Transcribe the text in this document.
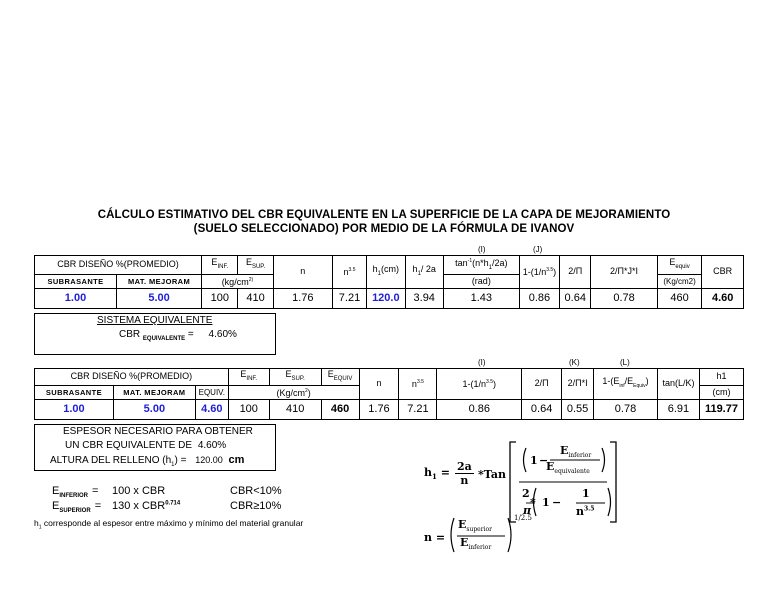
CÁLCULO ESTIMATIVO DEL CBR EQUIVALENTE EN LA SUPERFICIE DE LA CAPA DE MEJORAMIENTO
(SUELO SELECCIONADO) POR MEDIO DE LA FÓRMULA DE IVANOV
(I)	(J)
CBR DISEÑO %(PROMEDIO)		$E_{INF.}$	$E_{SUP.}$	n	$n^{3.5}$	$h_1(cm)$	$h_1/$ 2a	$\tan^{-1}(n*h_1/2a)$	$1-(1/n^{3.5})$	2/Π	2/Π*J*I	$E_{equiv}$	CBR
SUBRASANTE	MAT. MEJORAM	($kg/cm^{2)}$						(rad)				(Kg/cm2)	
1.00	5.00	100	410	1.76	7.21	120.0	3.94	1.43	0.86	0.64	0.78	460	4.60
SISTEMA EQUIVALENTE
CBR $_{EQUIVALENTE}$ = 4.60%
(I)	(K)	(L)
CBR DISEÑO %(PROMEDIO)			$E_{INF.}$	$E_{SUP.}$	$E_{EQUIV}$	n	$n^{3.5}$	$1-(1/n^{3.5})$	2/Π	2/Π*I	$1-(E_{inf}/E_{Equiv})$	tan(L/K)	h1
SUBRASANTE	MAT. MEJORAM	EQUIV.	$(Kg/cm^2)$										(cm)
1.00	5.00	4.60	100	410	460	1.76	7.21	0.86	0.64	0.55	0.78	6.91	119.77
ESPESOR NECESARIO PARA OBTENER
UN CBR EQUIVALENTE DE 4.60%
ALTURA DEL RELLENO $(h_1) = 120.00$ cm
$E_{INFERIOR} = 100$ x CBR	CBR<10%
$E_{SUPERIOR} = 130$ x $CBR^{0.714}$	CBR≥10%
$h_1$ corresponde al espesor entre máximo y mínimo del material granular
$h_1 = \frac{2a}{n} *Tan$
1 −
$E_{inferior}$
$E_{equivalente}$
2
π
* 1 −
1
$n^{3.5}$
n =
$E_{superior}$
$E_{inferior}$
1/2.5
